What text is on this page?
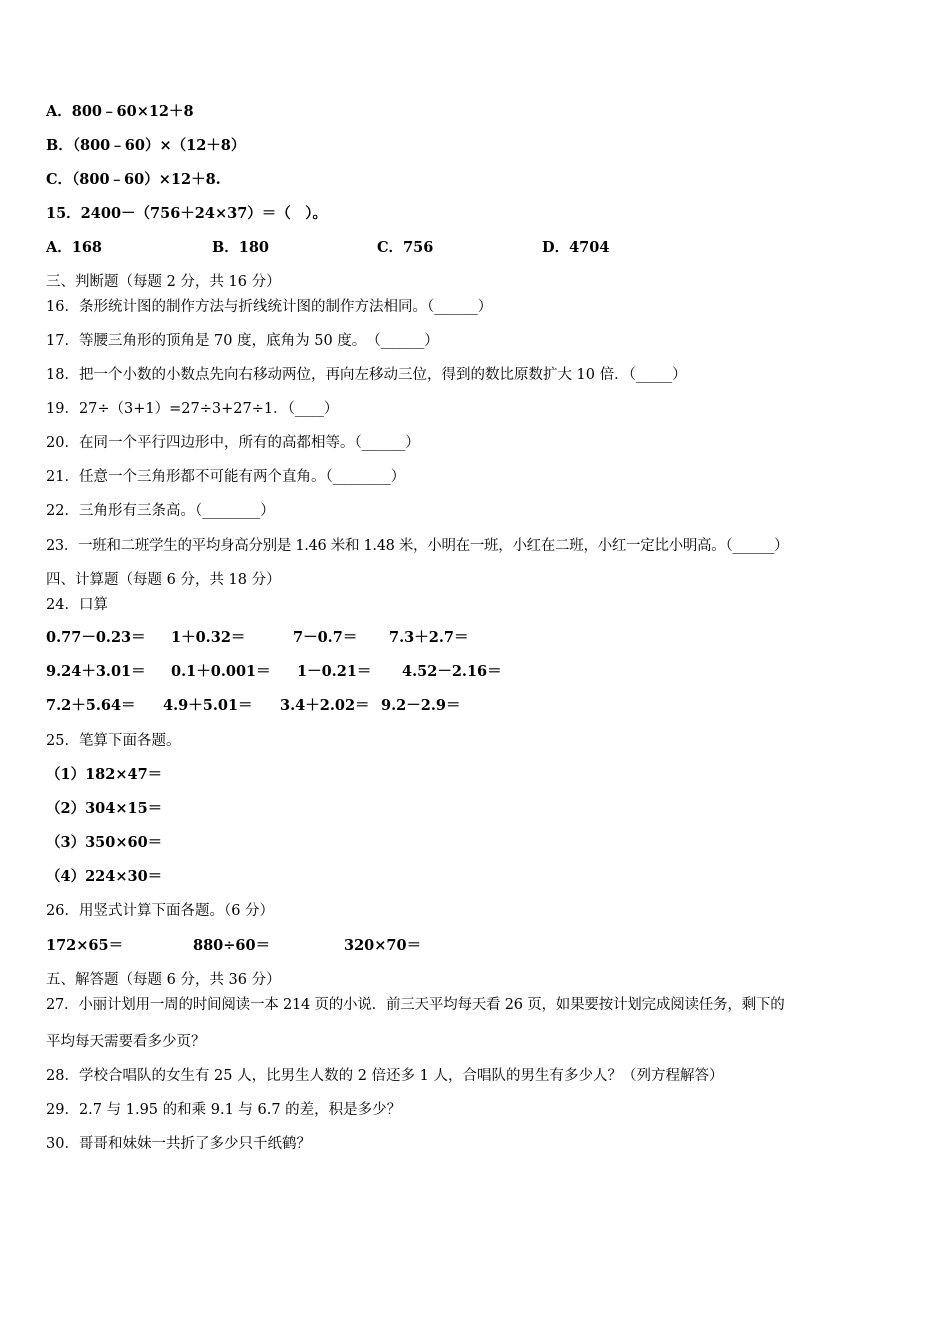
A．800﹣60×12＋8
B．（800﹣60）×（12＋8）
C．（800﹣60）×12＋8.
15．2400－（756＋24×37）＝（　）。
A．168	B．180	C．756	D．4704
三、判断题（每题 2 分，共 16 分）
16．条形统计图的制作方法与折线统计图的制作方法相同。（______）
17．等腰三角形的顶角是 70 度，底角为 50 度。　（______）
18．把一个小数的小数点先向右移动两位，再向左移动三位，得到的数比原数扩大 10 倍．（_____）
19．27÷（3+1）=27÷3+27÷1．（____）
20．在同一个平行四边形中，所有的高都相等。（______）
21．任意一个三角形都不可能有两个直角。（________）
22．三角形有三条高。（________）
23．一班和二班学生的平均身高分别是 1.46 米和 1.48 米，小明在一班，小红在二班，小红一定比小明高。（______）
四、计算题（每题 6 分，共 18 分）
24．口算
0.77－0.23＝ 1＋0.32＝	7－0.7＝ 7.3＋2.7＝
9.24＋3.01＝ 0.1＋0.001＝ 1－0.21＝ 4.52－2.16＝
7.2＋5.64＝ 4.9＋5.01＝ 3.4＋2.02＝ 9.2－2.9＝
25．笔算下面各题。
（1）182×47＝
（2）304×15＝
（3）350×60＝
（4）224×30＝
26．用竖式计算下面各题。（6 分）
172×65＝	880÷60＝	320×70＝
五、解答题（每题 6 分，共 36 分）
27．小丽计划用一周的时间阅读一本 214 页的小说．前三天平均每天看 26 页，如果要按计划完成阅读任务，剩下的
平均每天需要看多少页？
28．学校合唱队的女生有 25 人，比男生人数的 2 倍还多 1 人，合唱队的男生有多少人？（列方程解答）
29．2.7 与 1.95 的和乘 9.1 与 6.7 的差，积是多少？
30．哥哥和妹妹一共折了多少只千纸鹤？
